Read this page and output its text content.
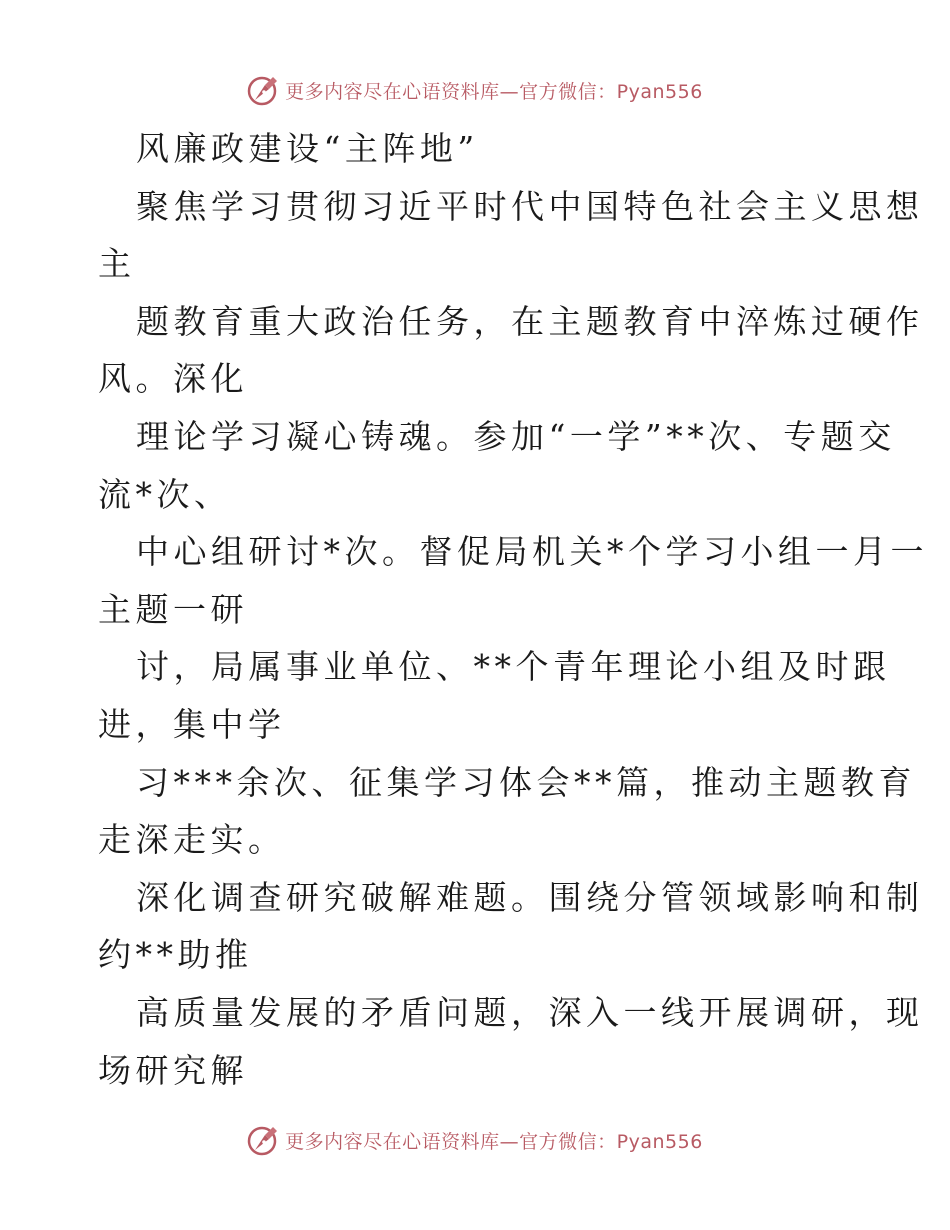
更多内容尽在心语资料库—官方微信：Pyan556

风廉政建设“主阵地”

聚焦学习贯彻习近平时代中国特色社会主义思想

主

题教育重大政治任务，在主题教育中淬炼过硬作

风。深化

理论学习凝心铸魂。参加“一学”**次、专题交

流*次、

中心组研讨*次。督促局机关*个学习小组一月一

主题一研

讨，局属事业单位、**个青年理论小组及时跟

进，集中学

习***余次、征集学习体会**篇，推动主题教育

走深走实。

深化调查研究破解难题。围绕分管领域影响和制

约**助推

高质量发展的矛盾问题，深入一线开展调研，现

场研究解

更多内容尽在心语资料库—官方微信：Pyan556
